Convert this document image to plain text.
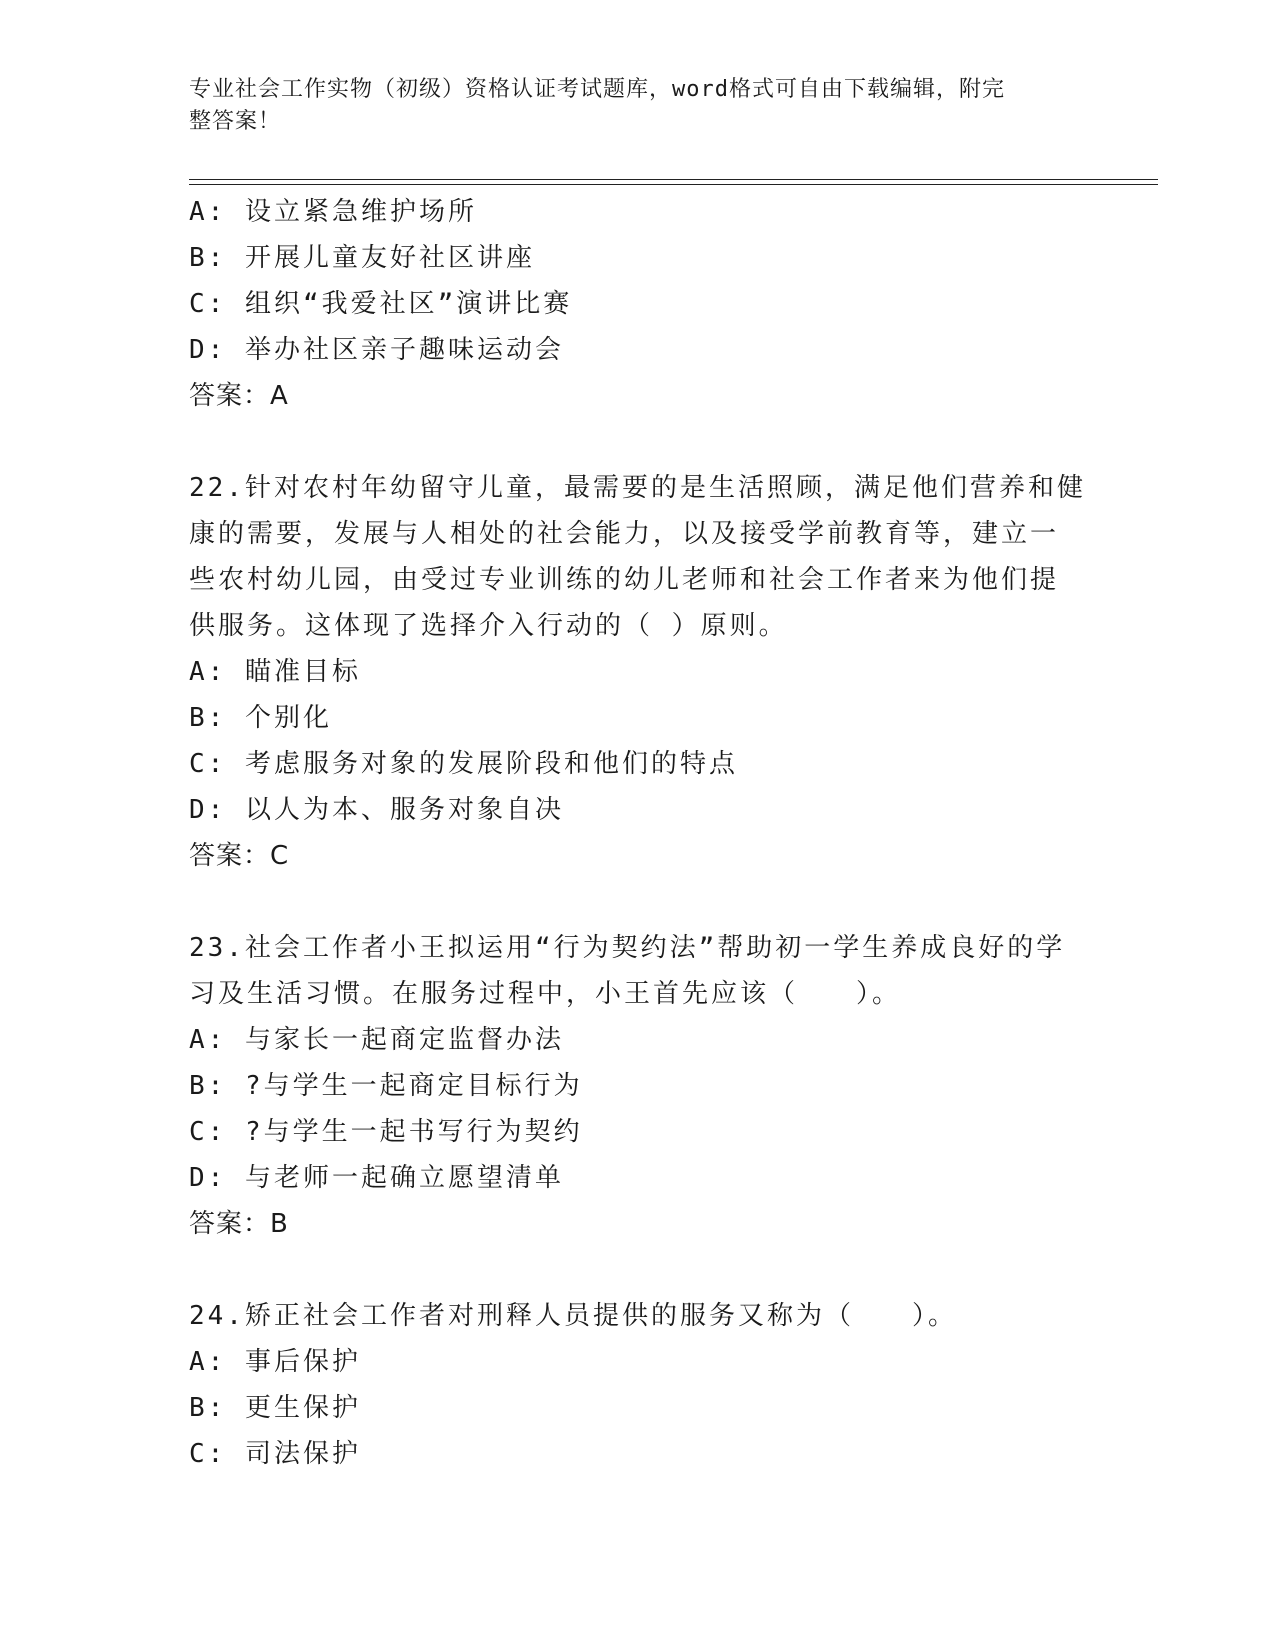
专业社会工作实物（初级）资格认证考试题库，word格式可自由下载编辑，附完
整答案！
A: 设立紧急维护场所
B: 开展儿童友好社区讲座
C: 组织“我爱社区”演讲比赛
D: 举办社区亲子趣味运动会
答案：A
22.针对农村年幼留守儿童，最需要的是生活照顾，满足他们营养和健
康的需要，发展与人相处的社会能力，以及接受学前教育等，建立一
些农村幼儿园，由受过专业训练的幼儿老师和社会工作者来为他们提
供服务。这体现了选择介入行动的（ ）原则。
A: 瞄准目标
B: 个别化
C: 考虑服务对象的发展阶段和他们的特点
D: 以人为本、服务对象自决
答案：C
23.社会工作者小王拟运用“行为契约法”帮助初一学生养成良好的学
习及生活习惯。在服务过程中，小王首先应该（　　）。
A: 与家长一起商定监督办法
B: ?与学生一起商定目标行为
C: ?与学生一起书写行为契约
D: 与老师一起确立愿望清单
答案：B
24.矫正社会工作者对刑释人员提供的服务又称为（　　）。
A: 事后保护
B: 更生保护
C: 司法保护
